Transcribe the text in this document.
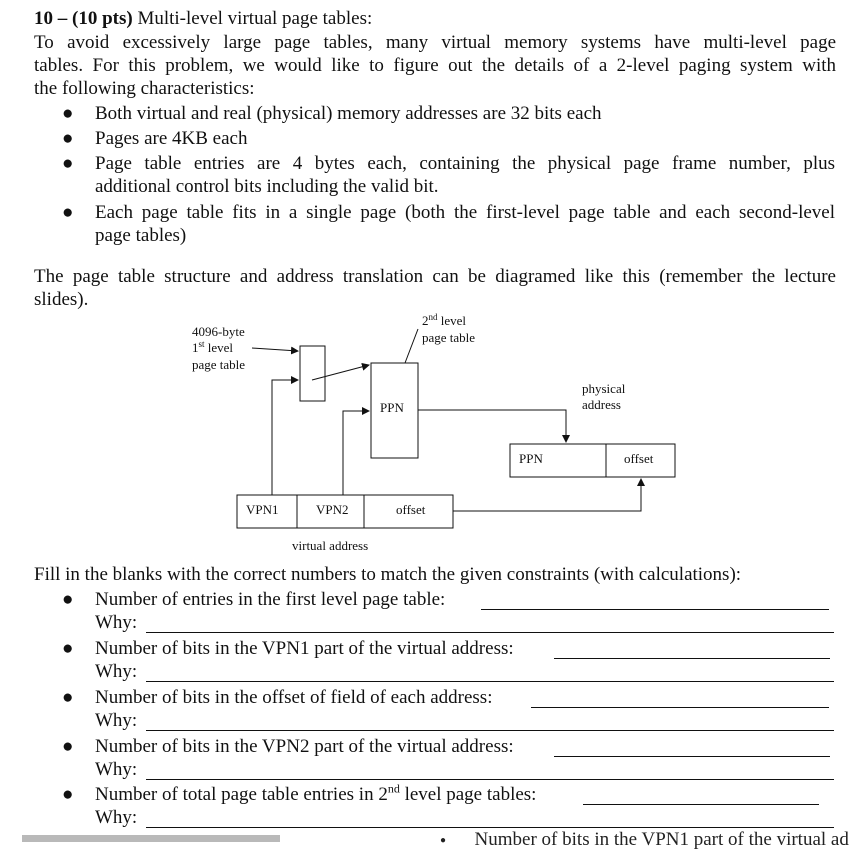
10 – (10 pts) Multi-level virtual page tables:
To avoid excessively large page tables, many virtual memory systems have multi-level page
tables. For this problem, we would like to figure out the details of a 2-level paging system with
the following characteristics:
● Both virtual and real (physical) memory addresses are 32 bits each
● Pages are 4KB each
● Page table entries are 4 bytes each, containing the physical page frame number, plus
additional control bits including the valid bit.
● Each page table fits in a single page (both the first-level page table and each second-level
page tables)
The page table structure and address translation can be diagramed like this (remember the lecture
slides).
4096-byte
1st level
page table
2nd level
page table
PPN
physical
address
PPN	offset
VPN1	VPN2	offset
virtual address
Fill in the blanks with the correct numbers to match the given constraints (with calculations):
● Number of entries in the first level page table:
Why:
● Number of bits in the VPN1 part of the virtual address:
Why:
● Number of bits in the offset of field of each address:
Why:
● Number of bits in the VPN2 part of the virtual address:
Why:
● Number of total page table entries in 2nd level page tables:
Why:
● Number of bits in the VPN1 part of the virtual ad
